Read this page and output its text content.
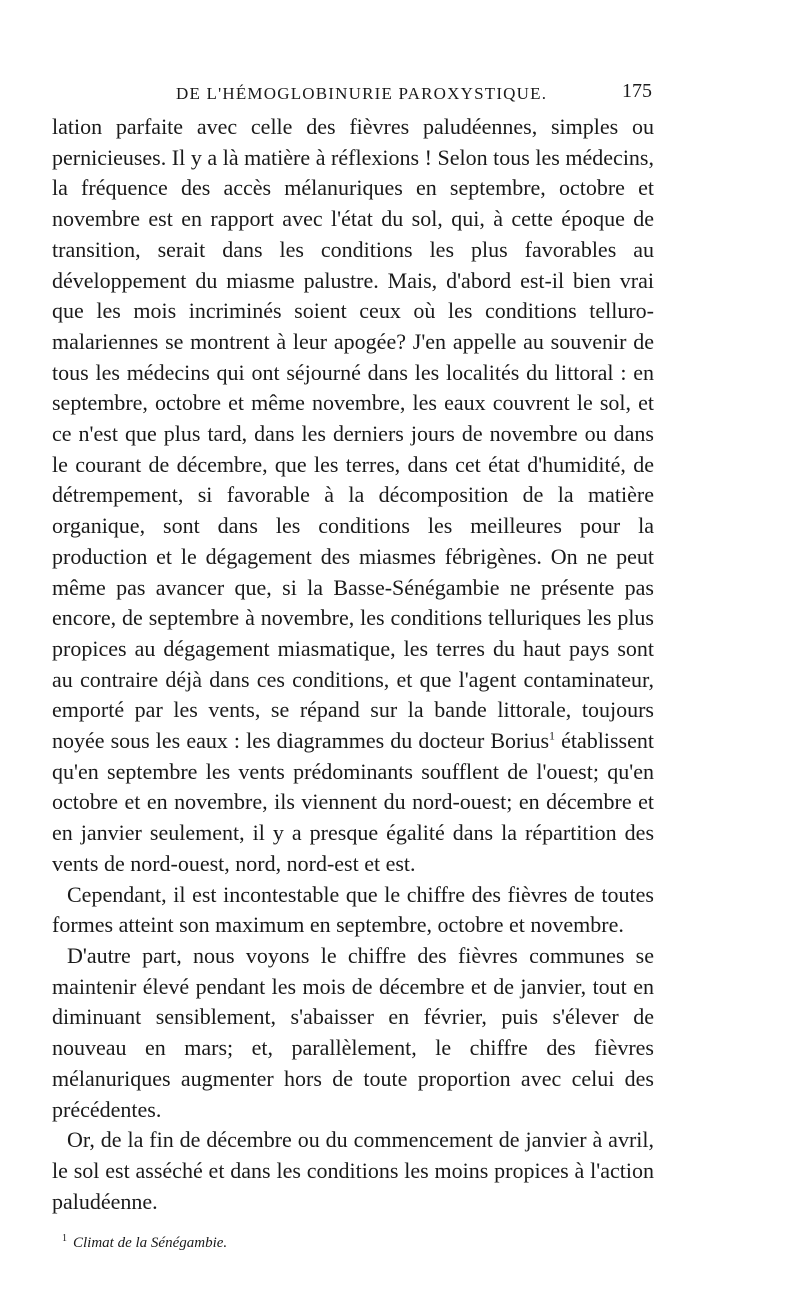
DE L'HÉMOGLOBINURIE PAROXYSTIQUE.	175

lation parfaite avec celle des fièvres paludéennes, simples ou pernicieuses. Il y a là matière à réflexions ! Selon tous les médecins, la fréquence des accès mélanuriques en septembre, octobre et novembre est en rapport avec l'état du sol, qui, à cette époque de transition, serait dans les conditions les plus favorables au développement du miasme palustre. Mais, d'abord est-il bien vrai que les mois incriminés soient ceux où les conditions telluro-malariennes se montrent à leur apogée? J'en appelle au souvenir de tous les médecins qui ont séjourné dans les localités du littoral : en septembre, octobre et même novembre, les eaux couvrent le sol, et ce n'est que plus tard, dans les derniers jours de novembre ou dans le courant de décembre, que les terres, dans cet état d'humidité, de détrempement, si favorable à la décomposition de la matière organique, sont dans les conditions les meilleures pour la production et le dégagement des miasmes fébrigènes. On ne peut même pas avancer que, si la Basse-Sénégambie ne présente pas encore, de septembre à novembre, les conditions telluriques les plus propices au dégagement miasmatique, les terres du haut pays sont au contraire déjà dans ces conditions, et que l'agent contaminateur, emporté par les vents, se répand sur la bande littorale, toujours noyée sous les eaux : les diagrammes du docteur Borius$^1$ établissent qu'en septembre les vents prédominants soufflent de l'ouest; qu'en octobre et en novembre, ils viennent du nord-ouest; en décembre et en janvier seulement, il y a presque égalité dans la répartition des vents de nord-ouest, nord, nord-est et est.

Cependant, il est incontestable que le chiffre des fièvres de toutes formes atteint son maximum en septembre, octobre et novembre.

D'autre part, nous voyons le chiffre des fièvres communes se maintenir élevé pendant les mois de décembre et de janvier, tout en diminuant sensiblement, s'abaisser en février, puis s'élever de nouveau en mars; et, parallèlement, le chiffre des fièvres mélanuriques augmenter hors de toute proportion avec celui des précédentes.

Or, de la fin de décembre ou du commencement de janvier à avril, le sol est asséché et dans les conditions les moins propices à l'action paludéenne.

$^1$ Climat de la Sénégambie.
